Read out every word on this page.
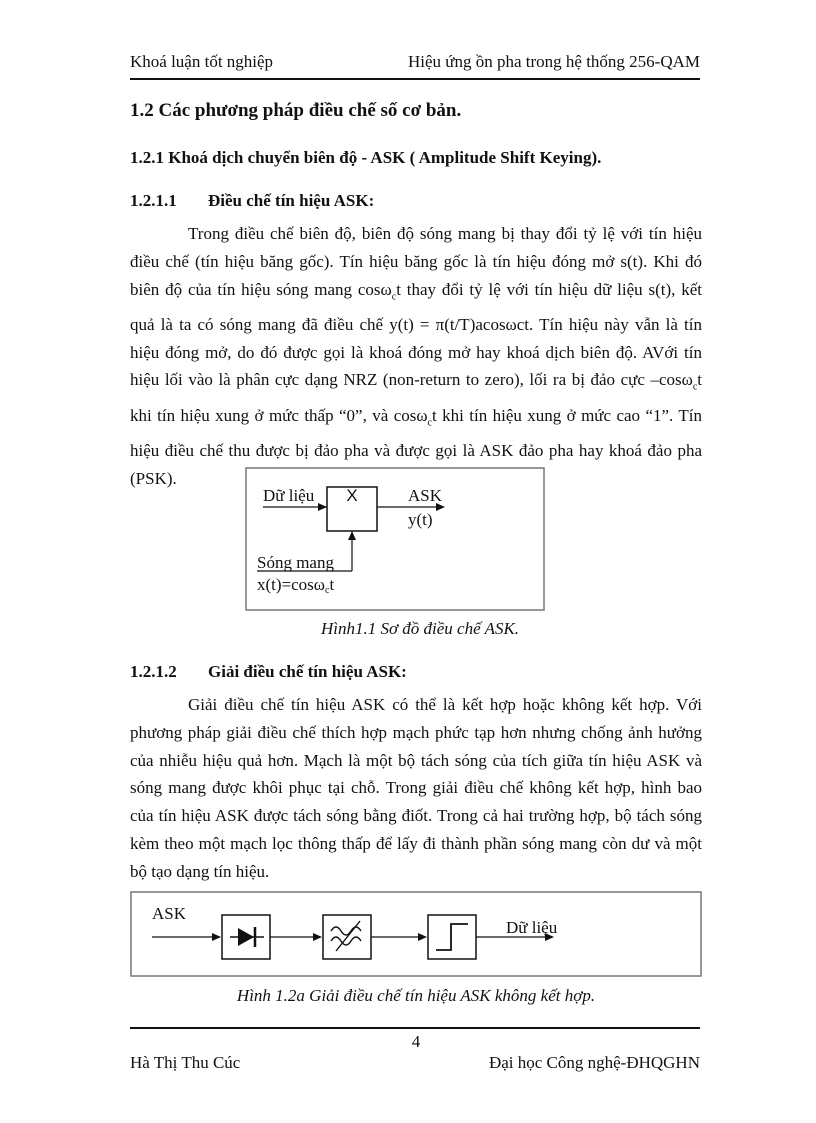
Khoá luận tốt nghiệp	Hiệu ứng ồn pha trong hệ thống 256-QAM
1.2 Các phương pháp điều chế số cơ bản.
1.2.1 Khoá dịch chuyển biên độ - ASK ( Amplitude Shift Keying).
1.2.1.1 Điều chế tín hiệu ASK:

Trong điều chế biên độ, biên độ sóng mang bị thay đổi tỷ lệ với tín hiệu điều chế (tín hiệu băng gốc). Tín hiệu băng gốc là tín hiệu đóng mở s(t). Khi đó biên độ của tín hiệu sóng mang cosω$_c$t thay đổi tỷ lệ với tín hiệu dữ liệu s(t), kết quả là ta có sóng mang đã điều chế y(t) = π(t/T)acosωct. Tín hiệu này vẫn là tín hiệu đóng mở, do đó được gọi là khoá đóng mở hay khoá dịch biên độ. AVới tín hiệu lối vào là phân cực dạng NRZ (non-return to zero), lối ra bị đảo cực –cosω$_c$t khi tín hiệu xung ở mức thấp “0”, và cosω$_c$t khi tín hiệu xung ở mức cao “1”. Tín hiệu điều chế thu được bị đảo pha và được gọi là ASK đảo pha hay khoá đảo pha (PSK).

X
Dữ liệu	ASK
y(t)
Sóng mang
x(t)=cosωct
Hình1.1 Sơ đồ điều chế ASK.
1.2.1.2 Giải điều chế tín hiệu ASK:

Giải điều chế tín hiệu ASK có thể là kết hợp hoặc không kết hợp. Với phương pháp giải điều chế thích hợp mạch phức tạp hơn nhưng chống ảnh hưởng của nhiễu hiệu quả hơn. Mạch là một bộ tách sóng của tích giữa tín hiệu ASK và sóng mang được khôi phục tại chỗ. Trong giải điều chế không kết hợp, hình bao của tín hiệu ASK được tách sóng bằng điốt. Trong cả hai trường hợp, bộ tách sóng kèm theo một mạch lọc thông thấp để lấy đi thành phần sóng mang còn dư và một bộ tạo dạng tín hiệu.

ASK
Dữ liệu
Hình 1.2a Giải điều chế tín hiệu ASK không kết hợp.
4
Hà Thị Thu Cúc	Đại học Công nghệ-ĐHQGHN
